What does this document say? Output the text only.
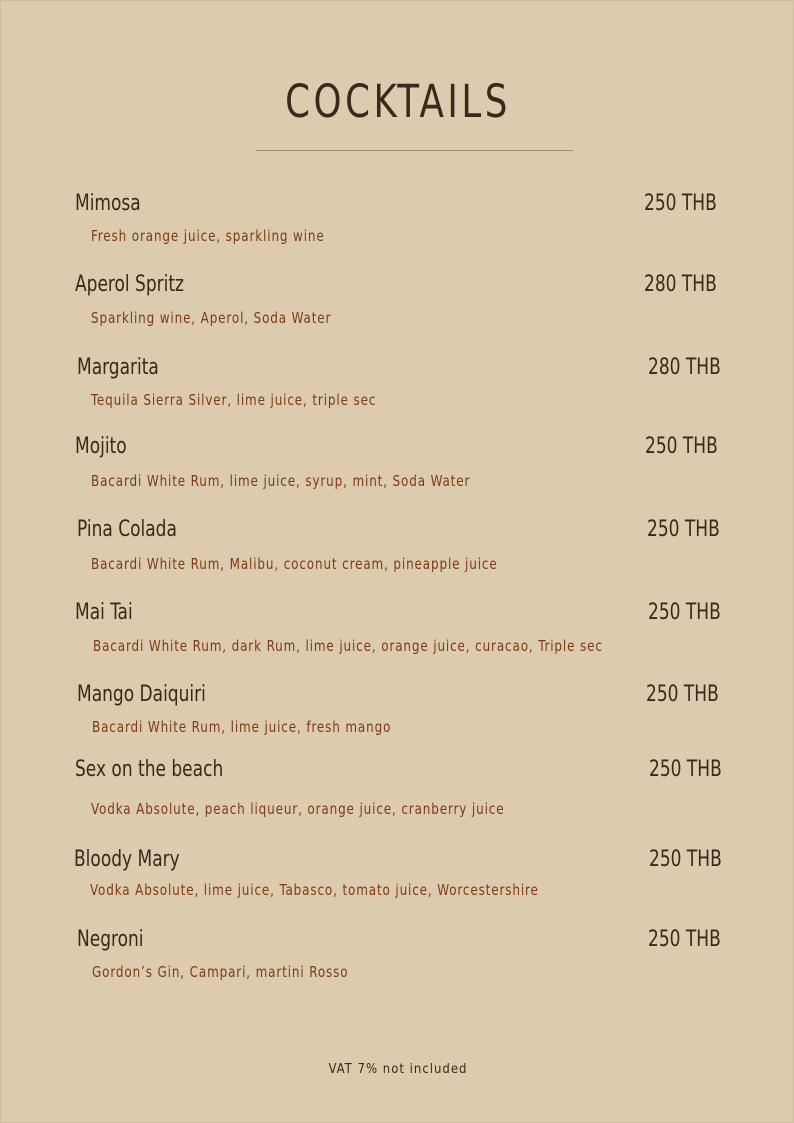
COCKTAILS
Mimosa	250 THB
Fresh orange juice, sparkling wine
Aperol Spritz	280 THB
Sparkling wine, Aperol, Soda Water
Margarita	280 THB
Tequila Sierra Silver, lime juice, triple sec
Mojito	250 THB
Bacardi White Rum, lime juice, syrup, mint, Soda Water
Pina Colada	250 THB
Bacardi White Rum, Malibu, coconut cream, pineapple juice
Mai Tai	250 THB
Bacardi White Rum, dark Rum, lime juice, orange juice, curacao, Triple sec
Mango Daiquiri	250 THB
Bacardi White Rum, lime juice, fresh mango
Sex on the beach	250 THB
Vodka Absolute, peach liqueur, orange juice, cranberry juice
Bloody Mary	250 THB
Vodka Absolute, lime juice, Tabasco, tomato juice, Worcestershire
Negroni	250 THB
Gordon’s Gin, Campari, martini Rosso
VAT 7% not included
